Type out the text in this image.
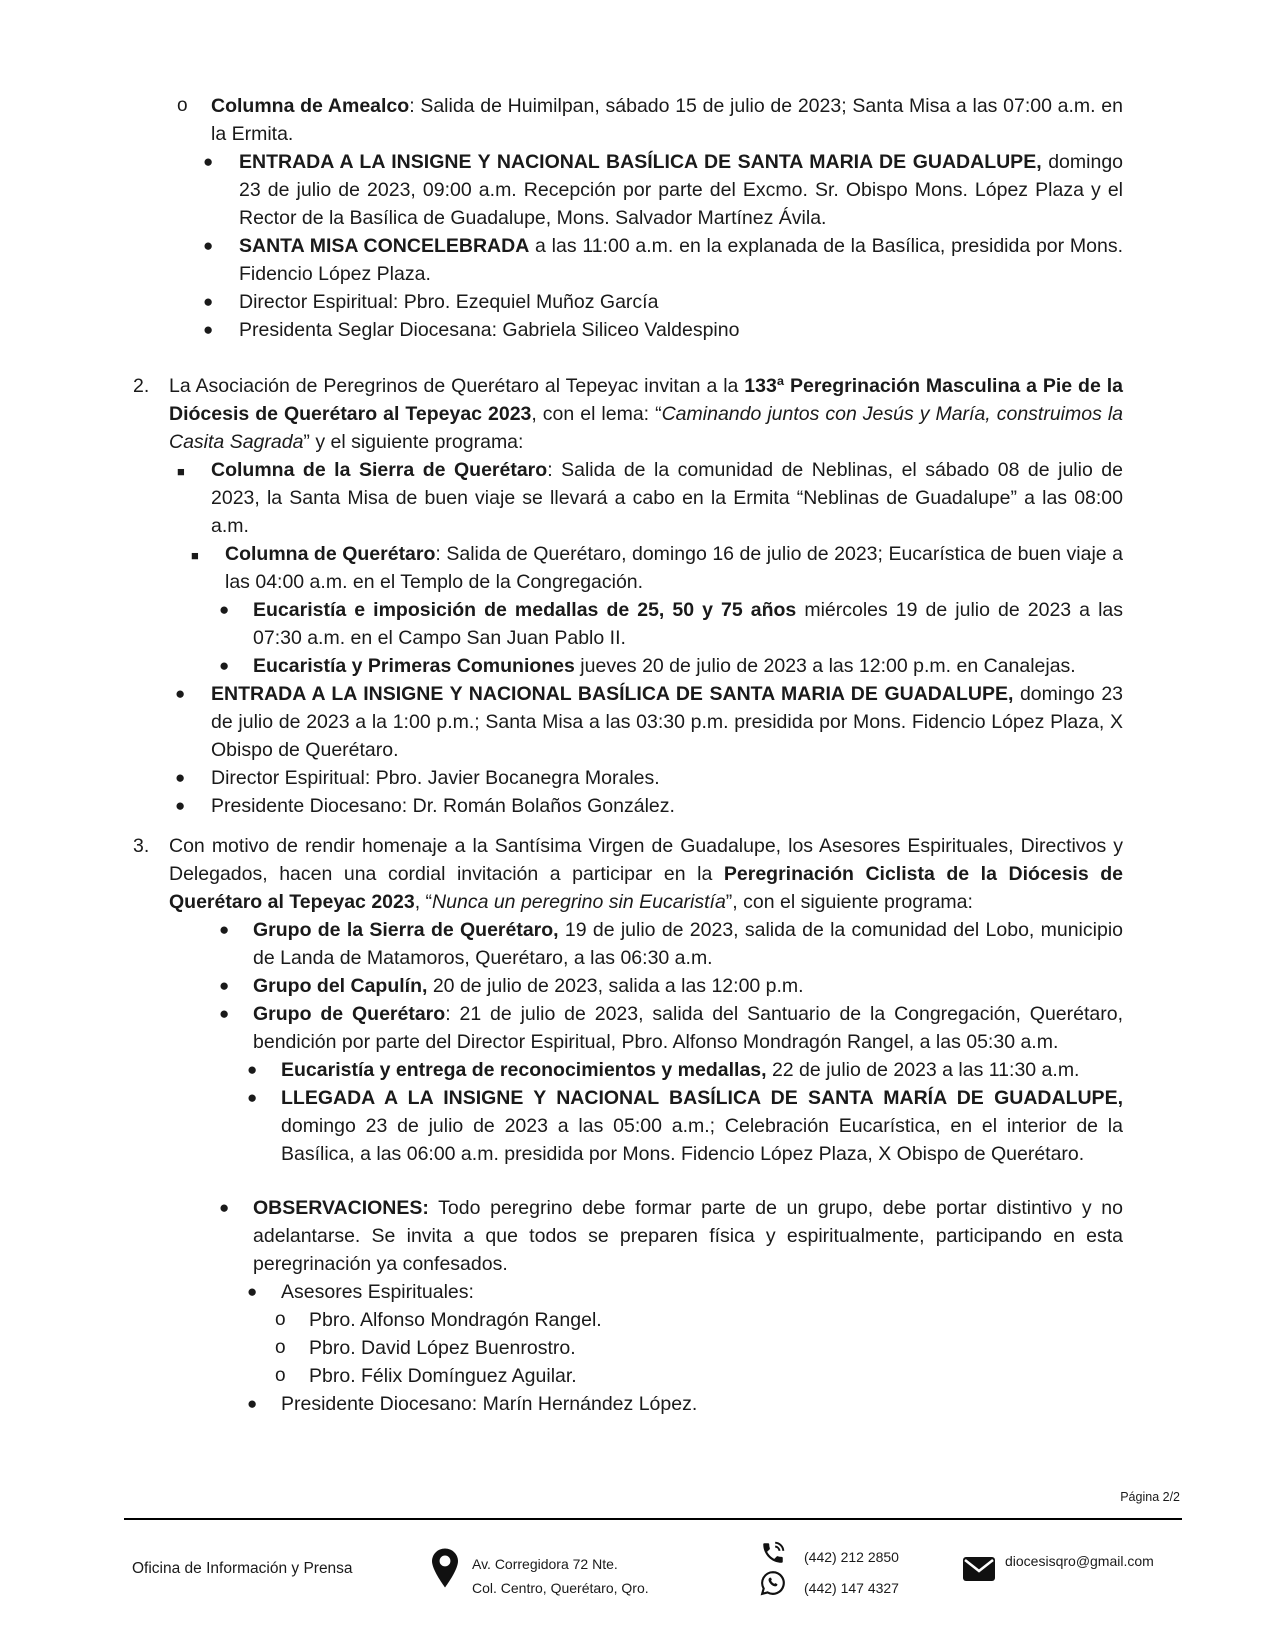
o Columna de Amealco: Salida de Huimilpan, sábado 15 de julio de 2023; Santa Misa a las 07:00 a.m. en la Ermita.
● ENTRADA A LA INSIGNE Y NACIONAL BASÍLICA DE SANTA MARIA DE GUADALUPE, domingo 23 de julio de 2023, 09:00 a.m. Recepción por parte del Excmo. Sr. Obispo Mons. López Plaza y el Rector de la Basílica de Guadalupe, Mons. Salvador Martínez Ávila.
● SANTA MISA CONCELEBRADA a las 11:00 a.m. en la explanada de la Basílica, presidida por Mons. Fidencio López Plaza.
● Director Espiritual: Pbro. Ezequiel Muñoz García
● Presidenta Seglar Diocesana: Gabriela Siliceo Valdespino
2. La Asociación de Peregrinos de Querétaro al Tepeyac invitan a la 133ª Peregrinación Masculina a Pie de la Diócesis de Querétaro al Tepeyac 2023, con el lema: “Caminando juntos con Jesús y María, construimos la Casita Sagrada” y el siguiente programa:
■ Columna de la Sierra de Querétaro: Salida de la comunidad de Neblinas, el sábado 08 de julio de 2023, la Santa Misa de buen viaje se llevará a cabo en la Ermita “Neblinas de Guadalupe” a las 08:00 a.m.
■ Columna de Querétaro: Salida de Querétaro, domingo 16 de julio de 2023; Eucarística de buen viaje a las 04:00 a.m. en el Templo de la Congregación.
● Eucaristía e imposición de medallas de 25, 50 y 75 años miércoles 19 de julio de 2023 a las 07:30 a.m. en el Campo San Juan Pablo II.
● Eucaristía y Primeras Comuniones jueves 20 de julio de 2023 a las 12:00 p.m. en Canalejas.
● ENTRADA A LA INSIGNE Y NACIONAL BASÍLICA DE SANTA MARIA DE GUADALUPE, domingo 23 de julio de 2023 a la 1:00 p.m.; Santa Misa a las 03:30 p.m. presidida por Mons. Fidencio López Plaza, X Obispo de Querétaro.
● Director Espiritual: Pbro. Javier Bocanegra Morales.
● Presidente Diocesano: Dr. Román Bolaños González.
3. Con motivo de rendir homenaje a la Santísima Virgen de Guadalupe, los Asesores Espirituales, Directivos y Delegados, hacen una cordial invitación a participar en la Peregrinación Ciclista de la Diócesis de Querétaro al Tepeyac 2023, “Nunca un peregrino sin Eucaristía”, con el siguiente programa:
● Grupo de la Sierra de Querétaro, 19 de julio de 2023, salida de la comunidad del Lobo, municipio de Landa de Matamoros, Querétaro, a las 06:30 a.m.
● Grupo del Capulín, 20 de julio de 2023, salida a las 12:00 p.m.
● Grupo de Querétaro: 21 de julio de 2023, salida del Santuario de la Congregación, Querétaro, bendición por parte del Director Espiritual, Pbro. Alfonso Mondragón Rangel, a las 05:30 a.m.
● Eucaristía y entrega de reconocimientos y medallas, 22 de julio de 2023 a las 11:30 a.m.
● LLEGADA A LA INSIGNE Y NACIONAL BASÍLICA DE SANTA MARÍA DE GUADALUPE, domingo 23 de julio de 2023 a las 05:00 a.m.; Celebración Eucarística, en el interior de la Basílica, a las 06:00 a.m. presidida por Mons. Fidencio López Plaza, X Obispo de Querétaro.
● OBSERVACIONES: Todo peregrino debe formar parte de un grupo, debe portar distintivo y no adelantarse. Se invita a que todos se preparen física y espiritualmente, participando en esta peregrinación ya confesados.
● Asesores Espirituales:
o Pbro. Alfonso Mondragón Rangel.
o Pbro. David López Buenrostro.
o Pbro. Félix Domínguez Aguilar.
● Presidente Diocesano: Marín Hernández López.
Página 2/2
Oficina de Información y Prensa	Av. Corregidora 72 Nte.
Col. Centro, Querétaro, Qro.
(442) 212 2850
(442) 147 4327
diocesisqro@gmail.com
